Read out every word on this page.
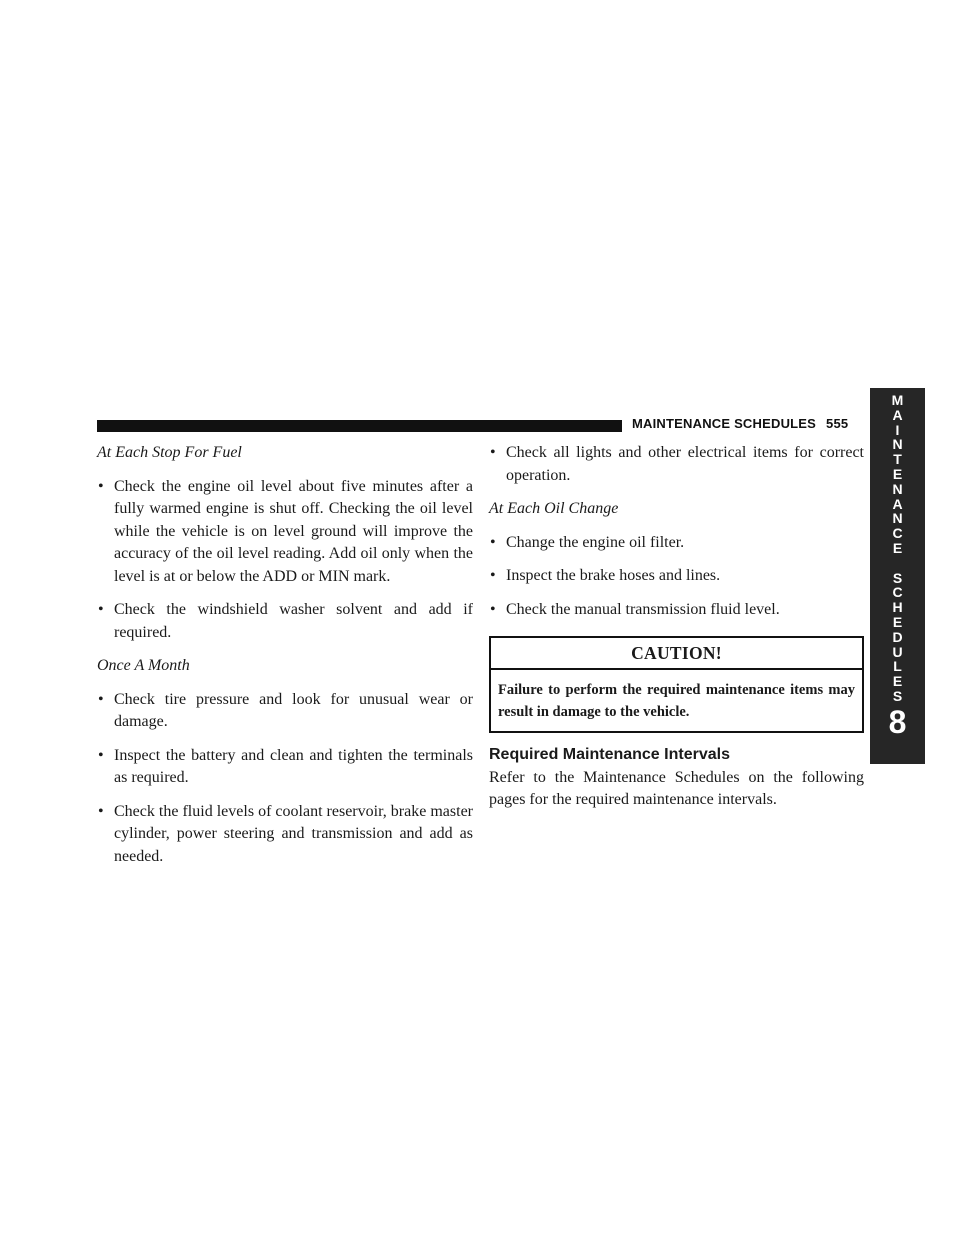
MAINTENANCE SCHEDULES 555
M
A
I
N
T
E
N
A
N
C
E

S
C
H
E
D
U
L
E
S
8
At Each Stop For Fuel
• Check the engine oil level about five minutes after a fully warmed engine is shut off. Checking the oil level while the vehicle is on level ground will improve the accuracy of the oil level reading. Add oil only when the level is at or below the ADD or MIN mark.
• Check the windshield washer solvent and add if required.
Once A Month
• Check tire pressure and look for unusual wear or damage.
• Inspect the battery and clean and tighten the terminals as required.
• Check the fluid levels of coolant reservoir, brake master cylinder, power steering and transmission and add as needed.
• Check all lights and other electrical items for correct operation.
At Each Oil Change
• Change the engine oil filter.
• Inspect the brake hoses and lines.
• Check the manual transmission fluid level.
CAUTION!
Failure to perform the required maintenance items may result in damage to the vehicle.
Required Maintenance Intervals

Refer to the Maintenance Schedules on the following pages for the required maintenance intervals.
